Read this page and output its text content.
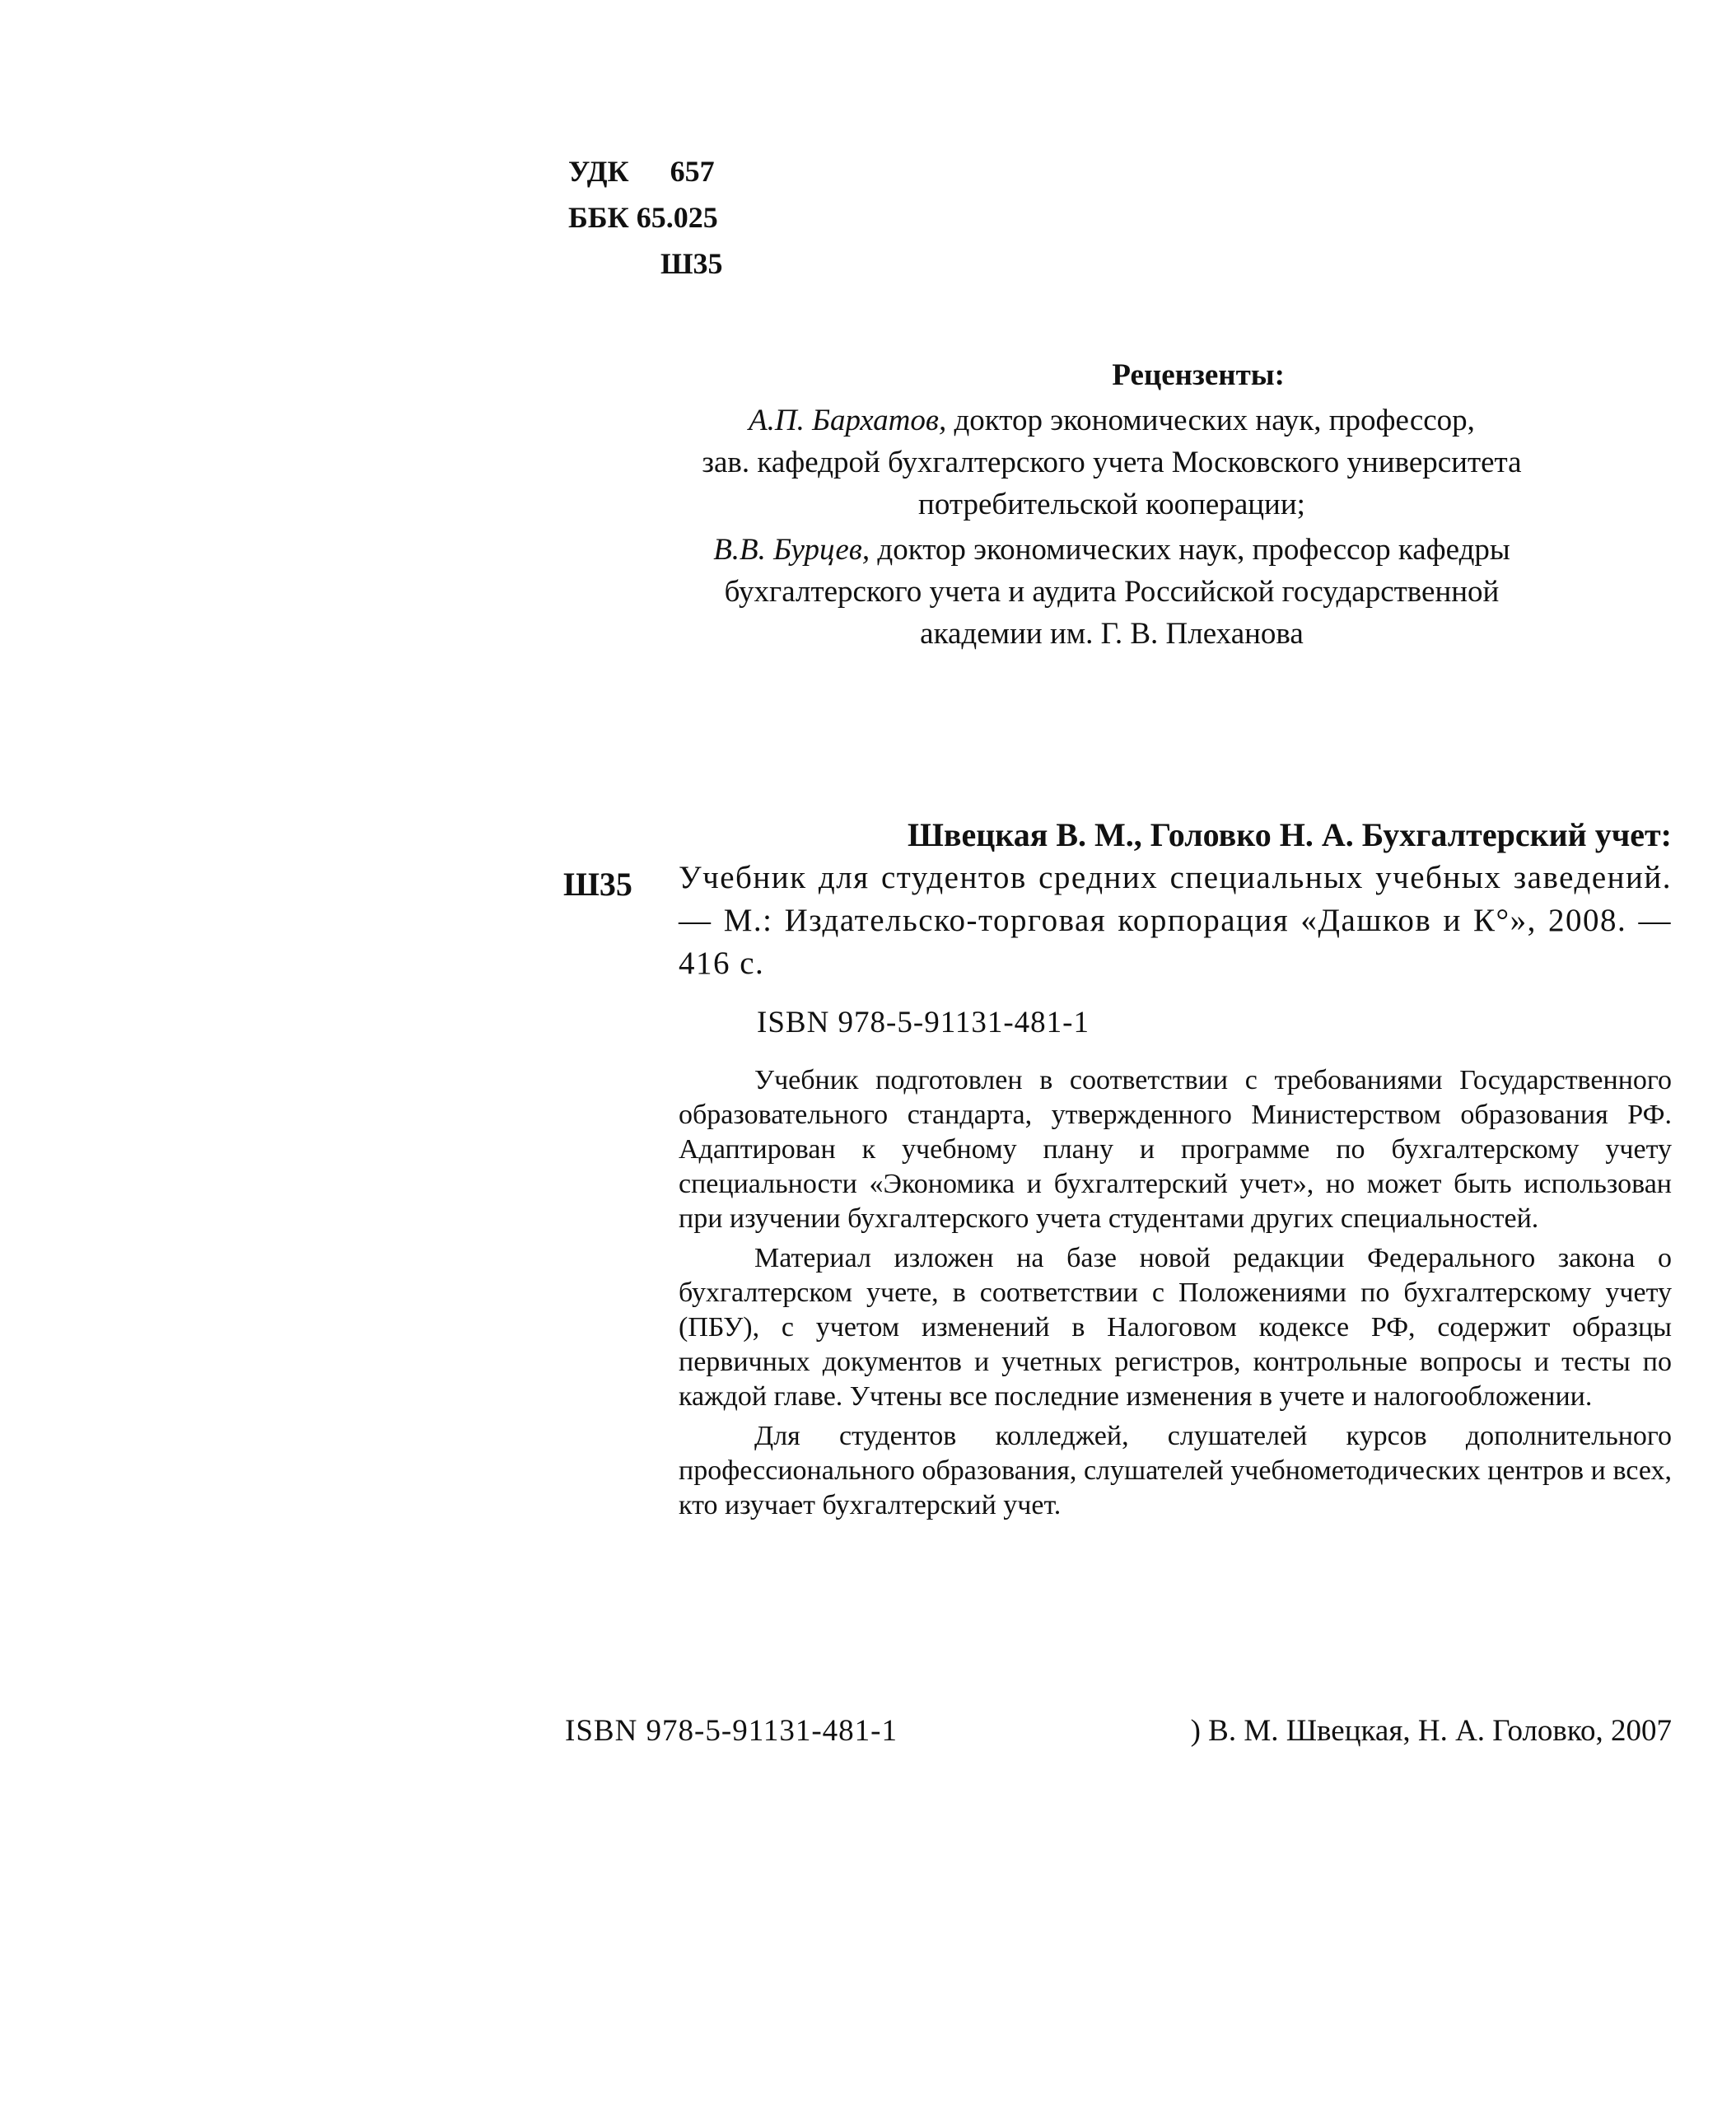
УДК 657
ББК 65.025
Ш35
Рецензенты:
А.П. Бархатов, доктор экономических наук, профессор,
зав. кафедрой бухгалтерского учета Московского университета
потребительской кооперации;
В.В. Бурцев, доктор экономических наук, профессор кафедры
бухгалтерского учета и аудита Российской государственной
академии им. Г. В. Плеханова
Швецкая В. М., Головко Н. А. Бухгалтерский учет:
Ш35 Учебник для студентов средних специальных учебных заведений. — М.: Издательско-торговая корпорация «Дашков и К°», 2008. — 416 с.
ISBN 978-5-91131-481-1

Учебник подготовлен в соответствии с требованиями Государственного образовательного стандарта, утвержденного Министерством образования РФ. Адаптирован к учебному плану и программе по бухгалтерскому учету специальности «Экономика и бухгалтерский учет», но может быть использован при изучении бухгалтерского учета студентами других специальностей.

Материал изложен на базе новой редакции Федерального закона о бухгалтерском учете, в соответствии с Положениями по бухгалтерскому учету (ПБУ), с учетом изменений в Налоговом кодексе РФ, содержит образцы первичных документов и учетных регистров, контрольные вопросы и тесты по каждой главе. Учтены все последние изменения в учете и налогообложении.

Для студентов колледжей, слушателей курсов дополнительного профессионального образования, слушателей учебнометодических центров и всех, кто изучает бухгалтерский учет.

ISBN 978-5-91131-481-1	) В. М. Швецкая, Н. А. Головко, 2007
